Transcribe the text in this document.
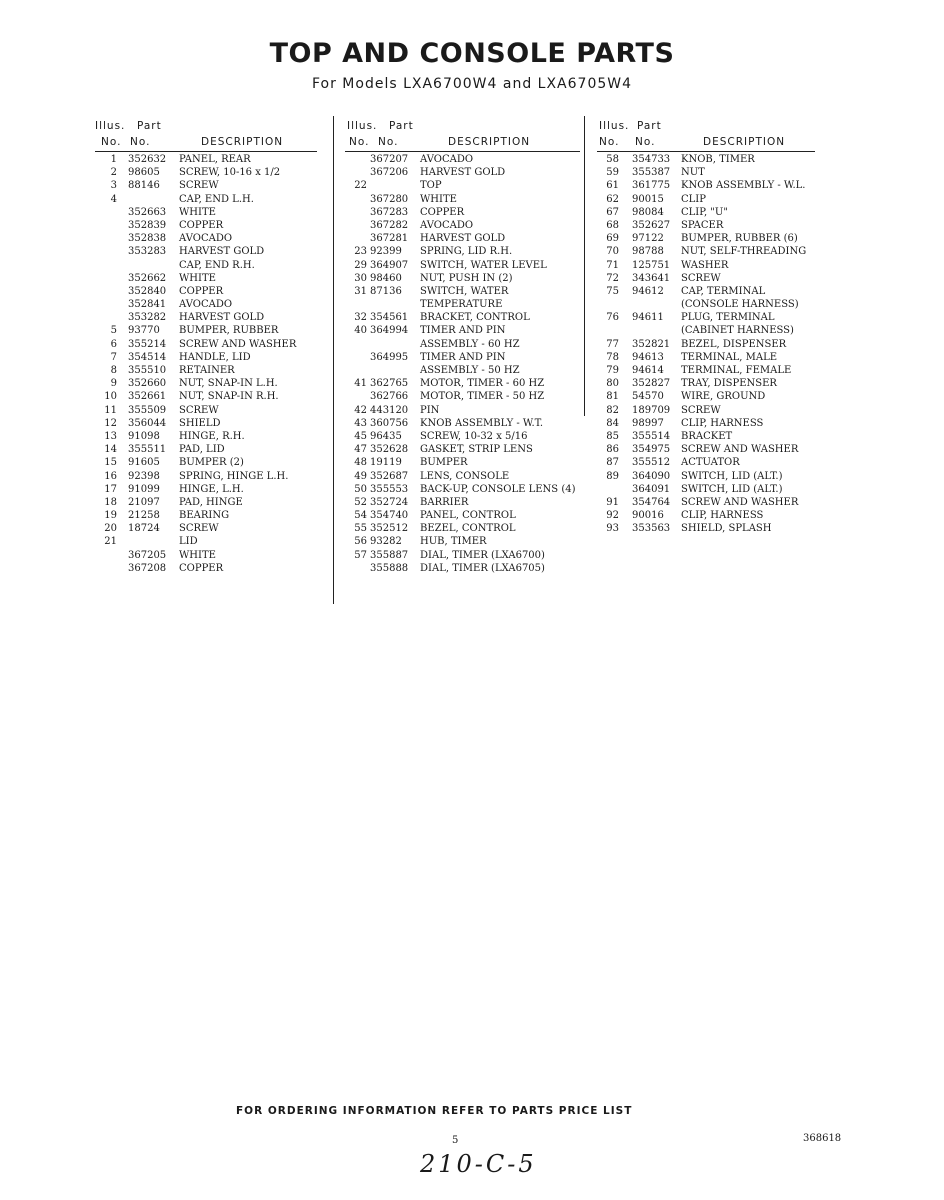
TOP AND CONSOLE PARTS
For Models LXA6700W4 and LXA6705W4
Illus. Part
No. No.	DESCRIPTION
1 352632 PANEL, REAR
2 98605 SCREW, 10-16 x 1/2
3 88146 SCREW
4	CAP, END L.H.
352663 WHITE
352839 COPPER
352838 AVOCADO
353283 HARVEST GOLD
CAP, END R.H.
352662 WHITE
352840 COPPER
352841 AVOCADO
353282 HARVEST GOLD
5 93770 BUMPER, RUBBER
6 355214 SCREW AND WASHER
7 354514 HANDLE, LID
8 355510 RETAINER
9 352660 NUT, SNAP-IN L.H.
10 352661 NUT, SNAP-IN R.H.
11 355509 SCREW
12 356044 SHIELD
13 91098 HINGE, R.H.
14 355511 PAD, LID
15 91605 BUMPER (2)
16 92398 SPRING, HINGE L.H.
17 91099 HINGE, L.H.
18 21097 PAD, HINGE
19 21258 BEARING
20 18724 SCREW
21	LID
367205 WHITE
367208 COPPER
Illus. Part
No. No.	DESCRIPTION
367207 AVOCADO
367206 HARVEST GOLD
22	TOP
367280 WHITE
367283 COPPER
367282 AVOCADO
367281 HARVEST GOLD
23 92399 SPRING, LID R.H.
29 364907 SWITCH, WATER LEVEL
30 98460 NUT, PUSH IN (2)
31 87136 SWITCH, WATER
TEMPERATURE
32 354561 BRACKET, CONTROL
40 364994 TIMER AND PIN
ASSEMBLY - 60 HZ
364995 TIMER AND PIN
ASSEMBLY - 50 HZ
41 362765 MOTOR, TIMER - 60 HZ
362766 MOTOR, TIMER - 50 HZ
42 443120 PIN
43 360756 KNOB ASSEMBLY - W.T.
45 96435 SCREW, 10-32 x 5/16
47 352628 GASKET, STRIP LENS
48 19119 BUMPER
49 352687 LENS, CONSOLE
50 355553 BACK-UP, CONSOLE LENS (4)
52 352724 BARRIER
54 354740 PANEL, CONTROL
55 352512 BEZEL, CONTROL
56 93282 HUB, TIMER
57 355887 DIAL, TIMER (LXA6700)
355888 DIAL, TIMER (LXA6705)
Illus. Part
No. No.	DESCRIPTION
58 354733 KNOB, TIMER
59 355387 NUT
61 361775 KNOB ASSEMBLY - W.L.
62 90015 CLIP
67 98084 CLIP, "U"
68 352627 SPACER
69 97122 BUMPER, RUBBER (6)
70 98788 NUT, SELF-THREADING
71 125751 WASHER
72 343641 SCREW
75 94612 CAP, TERMINAL
(CONSOLE HARNESS)
76 94611 PLUG, TERMINAL
(CABINET HARNESS)
77 352821 BEZEL, DISPENSER
78 94613 TERMINAL, MALE
79 94614 TERMINAL, FEMALE
80 352827 TRAY, DISPENSER
81 54570 WIRE, GROUND
82 189709 SCREW
84 98997 CLIP, HARNESS
85 355514 BRACKET
86 354975 SCREW AND WASHER
87 355512 ACTUATOR
89 364090 SWITCH, LID (ALT.)
364091 SWITCH, LID (ALT.)
91 354764 SCREW AND WASHER
92 90016 CLIP, HARNESS
93 353563 SHIELD, SPLASH
FOR ORDERING INFORMATION REFER TO PARTS PRICE LIST
5	368618
210-C-5
